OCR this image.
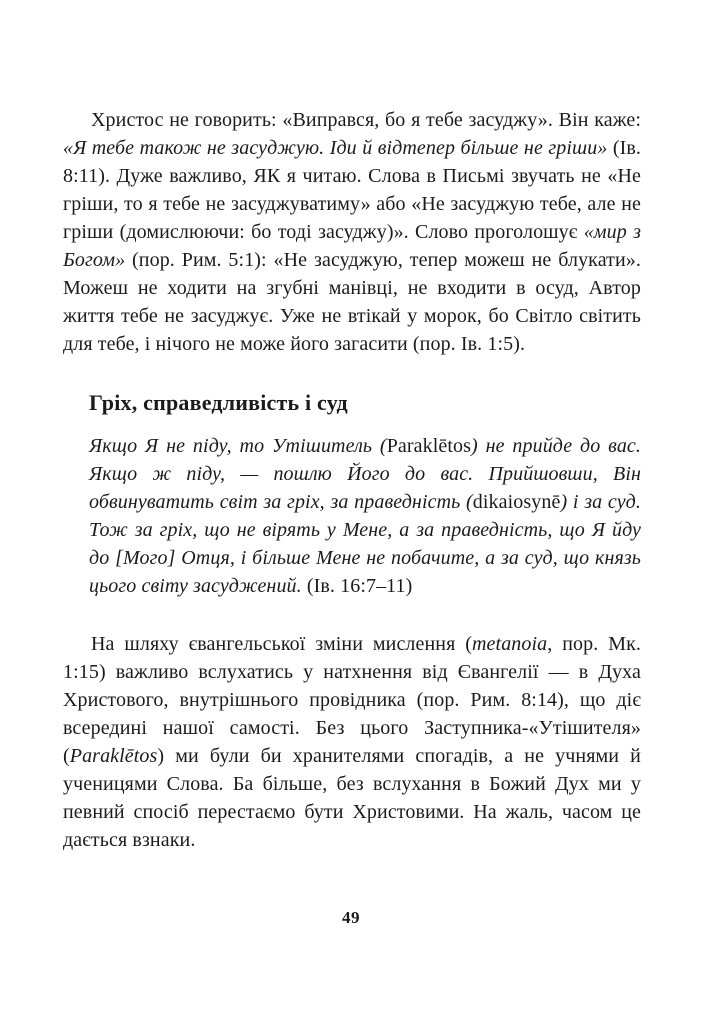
Христос не говорить: «Виправся, бо я тебе засуджу». Він каже: «Я тебе також не засуджую. Іди й відтепер більше не гріши» (Ів. 8:11). Дуже важливо, ЯК я читаю. Слова в Письмі звучать не «Не гріши, то я тебе не засуджуватиму» або «Не засуджую тебе, але не гріши (домислюючи: бо тоді засуджу)». Слово проголошує «мир з Богом» (пор. Рим. 5:1): «Не засуджую, тепер можеш не блукати». Можеш не ходити на згубні манівці, не входити в осуд, Автор життя тебе не засуджує. Уже не втікай у морок, бо Світло світить для тебе, і нічого не може його загасити (пор. Ів. 1:5).

Гріх, справедливість і суд
Якщо Я не піду, то Утішитель (Paraklētos) не прийде до вас. Якщо ж піду, — пошлю Його до вас. Прийшовши, Він обвинуватить світ за гріх, за праведність (dikaiosynē) і за суд. Тож за гріх, що не вірять у Мене, а за праведність, що Я йду до [Мого] Отця, і більше Мене не побачите, а за суд, що князь цього світу засуджений. (Ів. 16:7–11)

На шляху євангельської зміни мислення (metanoia, пор. Мк. 1:15) важливо вслухатись у натхнення від Євангелії — в Духа Христового, внутрішнього провідника (пор. Рим. 8:14), що діє всередині нашої самості. Без цього Заступника-«Утішителя» (Paraklētos) ми були би хранителями спогадів, а не учнями й ученицями Слова. Ба більше, без вслухання в Божий Дух ми у певний спосіб перестаємо бути Христовими. На жаль, часом це дається взнаки.

49
